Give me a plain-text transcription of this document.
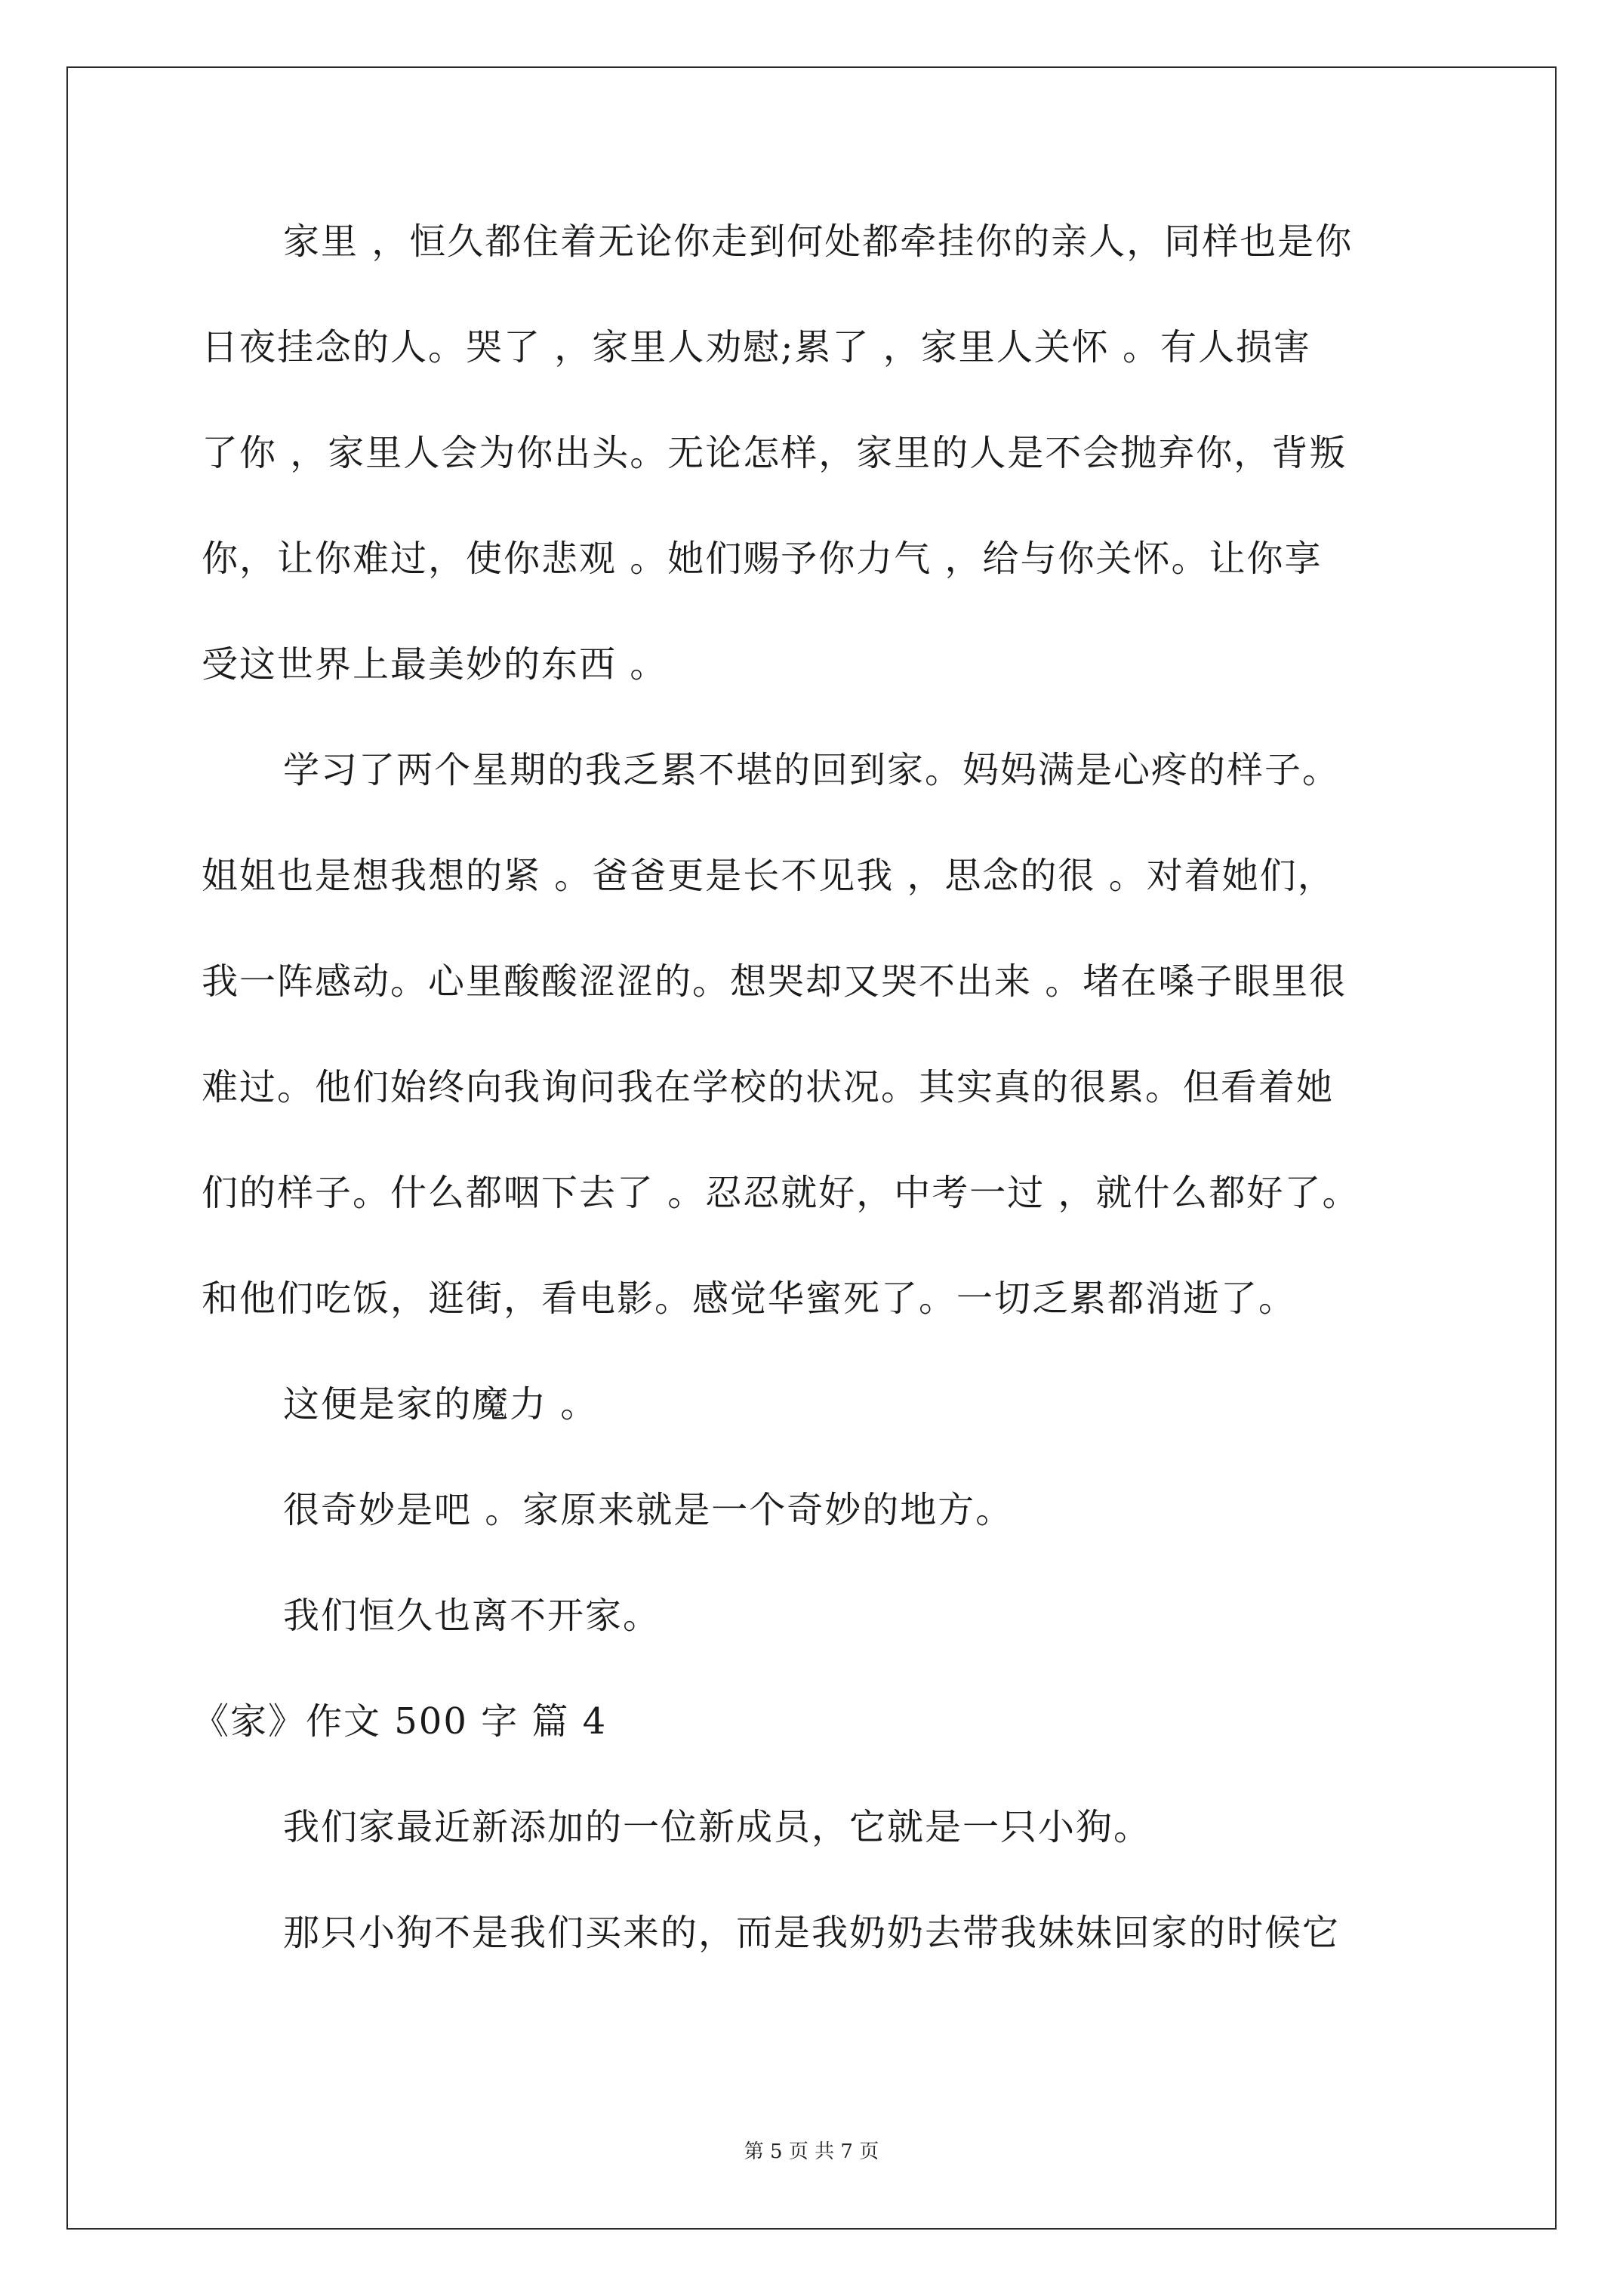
家里 ，恒久都住着无论你走到何处都牵挂你的亲人，同样也是你
日夜挂念的人。哭了 ，家里人劝慰;累了 ，家里人关怀 。有人损害
了你 ，家里人会为你出头。无论怎样，家里的人是不会抛弃你，背叛
你，让你难过，使你悲观 。她们赐予你力气 ，给与你关怀。让你享
受这世界上最美妙的东西 。
学习了两个星期的我乏累不堪的回到家。妈妈满是心疼的样子。
姐姐也是想我想的紧 。爸爸更是长不见我 ，思念的很 。对着她们，
我一阵感动。心里酸酸涩涩的。想哭却又哭不出来 。堵在嗓子眼里很
难过。他们始终向我询问我在学校的状况。其实真的很累。但看着她
们的样子。什么都咽下去了 。忍忍就好，中考一过 ，就什么都好了。
和他们吃饭，逛街，看电影。感觉华蜜死了。一切乏累都消逝了。
这便是家的魔力 。
很奇妙是吧 。家原来就是一个奇妙的地方。
我们恒久也离不开家。
《家》作文 500 字 篇 4
我们家最近新添加的一位新成员，它就是一只小狗。
那只小狗不是我们买来的，而是我奶奶去带我妹妹回家的时候它
第 5 页 共 7 页
